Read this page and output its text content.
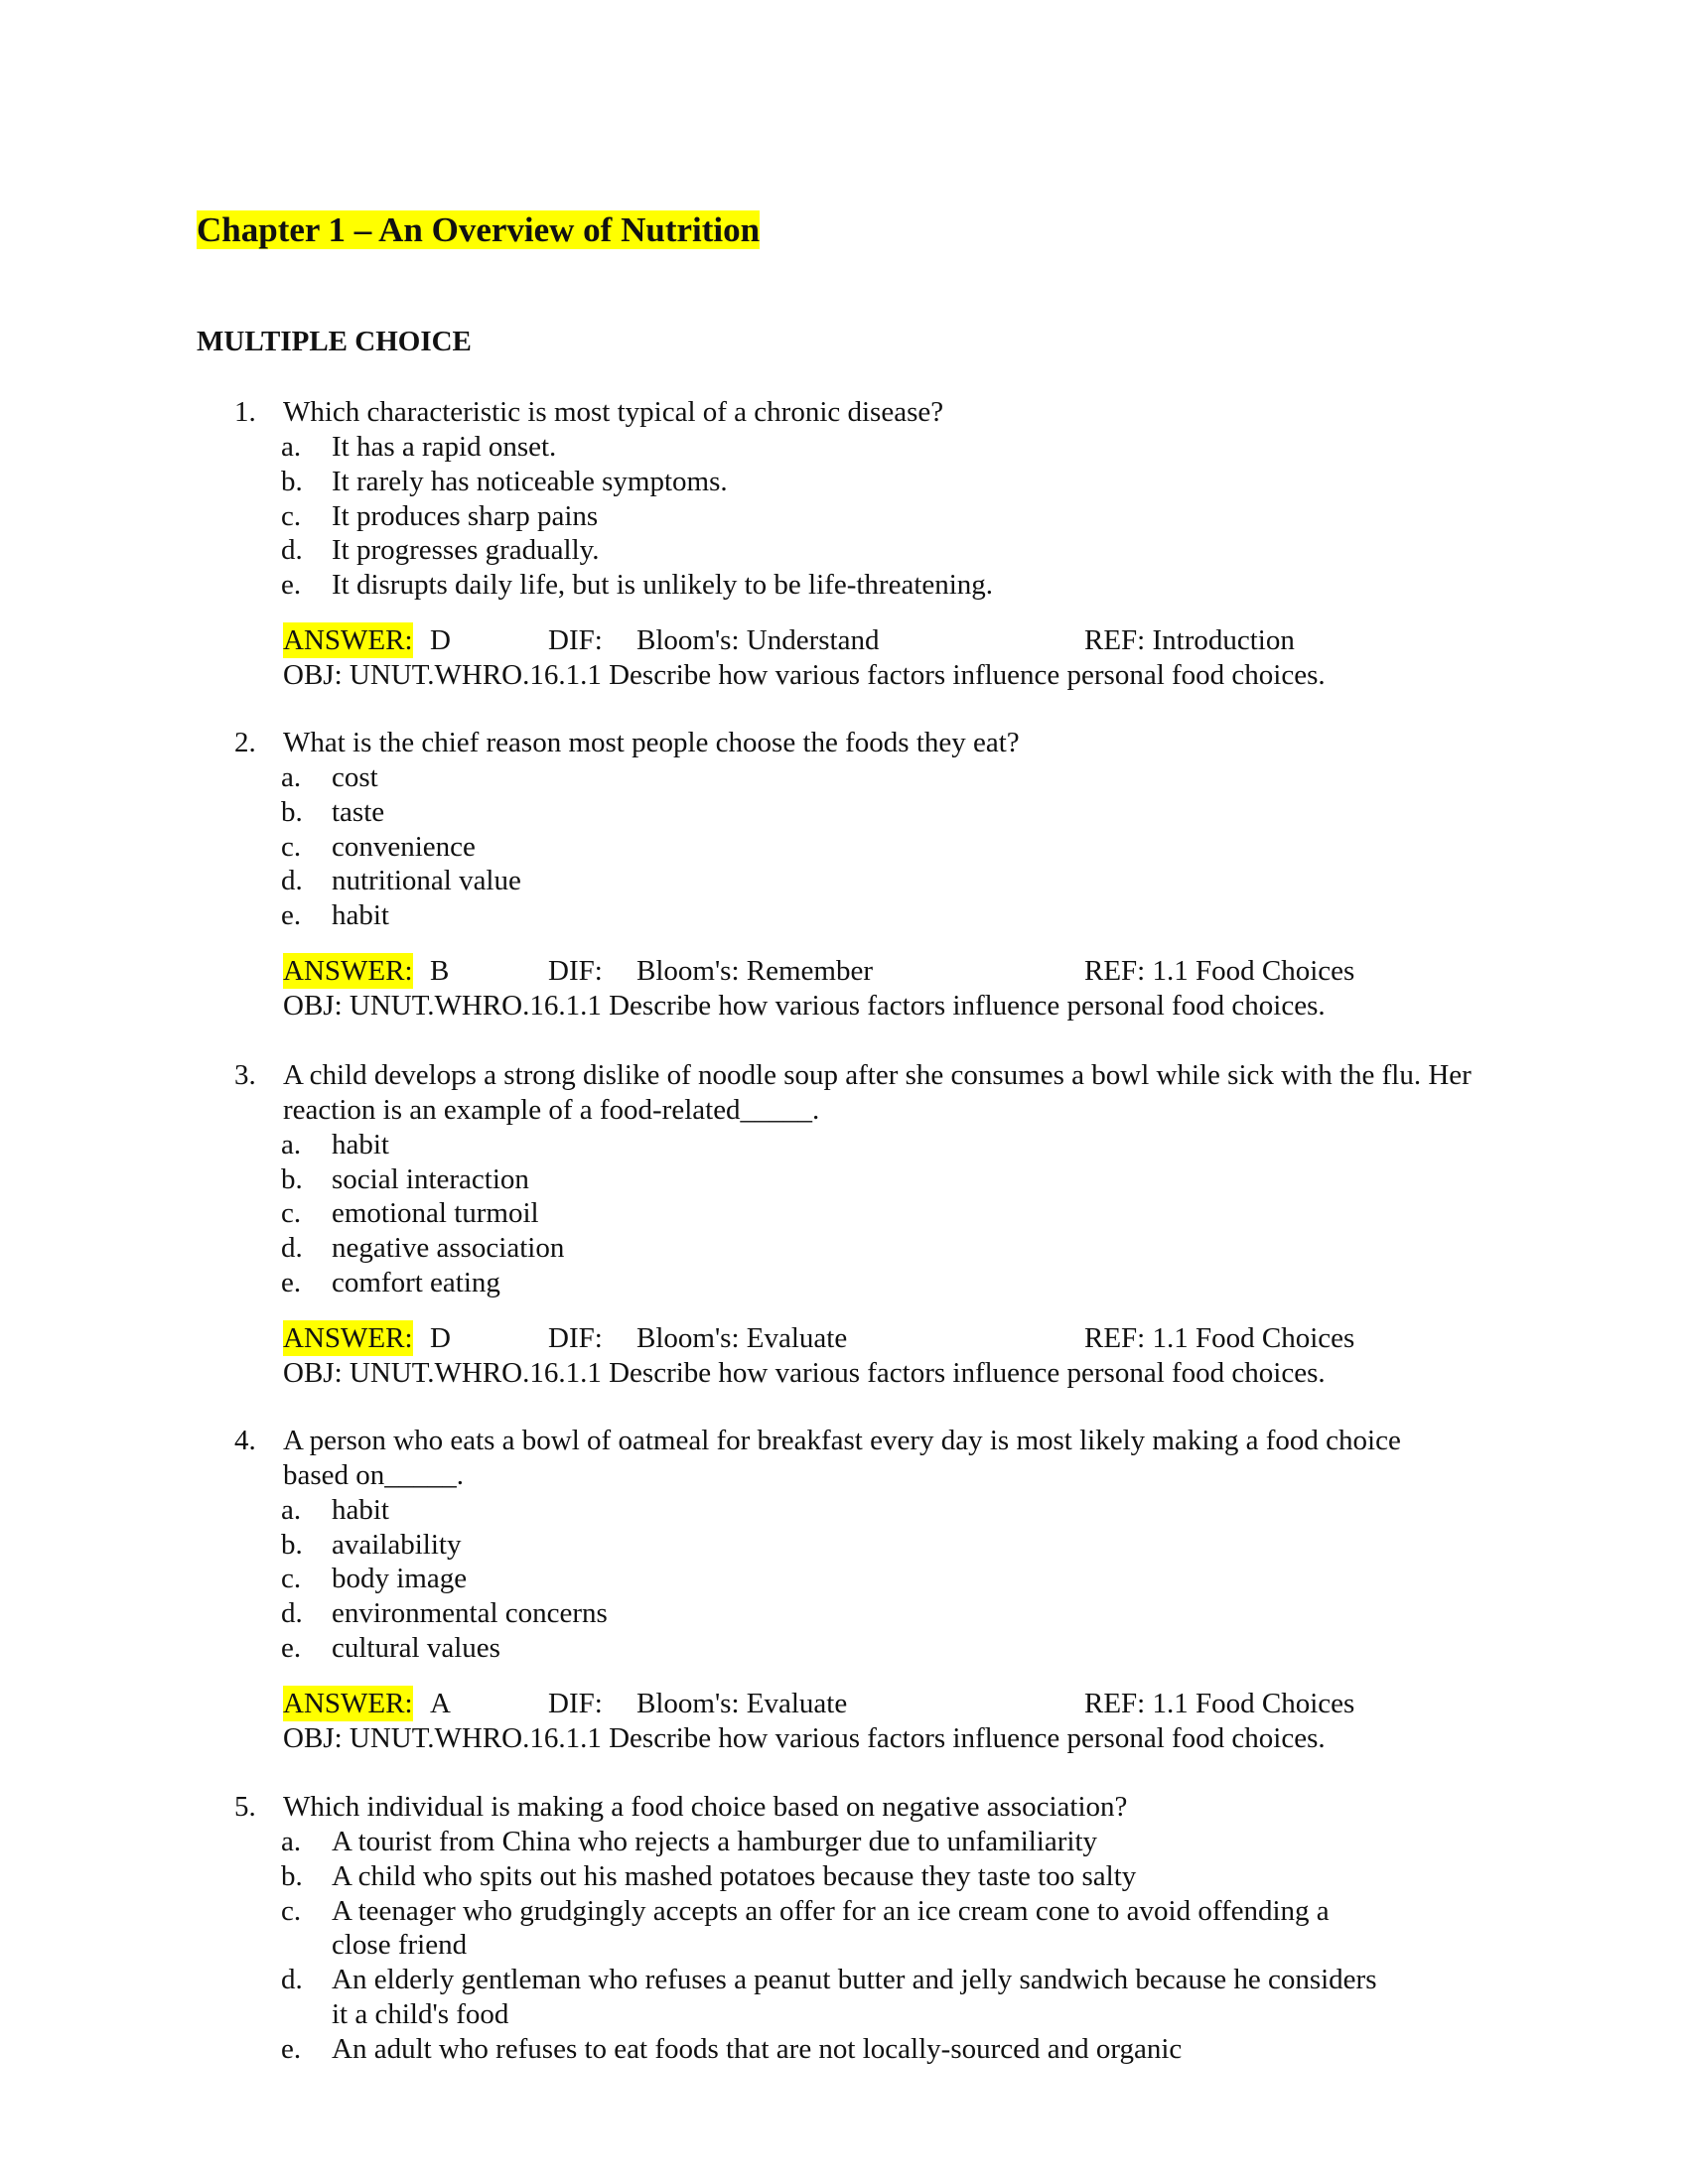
Chapter 1 – An Overview of Nutrition
MULTIPLE CHOICE
1. Which characteristic is most typical of a chronic disease?
a. It has a rapid onset.
b. It rarely has noticeable symptoms.
c. It produces sharp pains
d. It progresses gradually.
e. It disrupts daily life, but is unlikely to be life-threatening.
ANSWER: D	DIF: Bloom's: Understand	REF: Introduction
OBJ: UNUT.WHRO.16.1.1 Describe how various factors influence personal food choices.
2. What is the chief reason most people choose the foods they eat?
a. cost
b. taste
c. convenience
d. nutritional value
e. habit
ANSWER: B	DIF: Bloom's: Remember	REF: 1.1 Food Choices
OBJ: UNUT.WHRO.16.1.1 Describe how various factors influence personal food choices.
3. A child develops a strong dislike of noodle soup after she consumes a bowl while sick with the flu. Her
reaction is an example of a food-related_____.
a. habit
b. social interaction
c. emotional turmoil
d. negative association
e. comfort eating
ANSWER: D	DIF: Bloom's: Evaluate	REF: 1.1 Food Choices
OBJ: UNUT.WHRO.16.1.1 Describe how various factors influence personal food choices.
4. A person who eats a bowl of oatmeal for breakfast every day is most likely making a food choice
based on_____.
a. habit
b. availability
c. body image
d. environmental concerns
e. cultural values
ANSWER: A	DIF: Bloom's: Evaluate	REF: 1.1 Food Choices
OBJ: UNUT.WHRO.16.1.1 Describe how various factors influence personal food choices.
5. Which individual is making a food choice based on negative association?
a. A tourist from China who rejects a hamburger due to unfamiliarity
b. A child who spits out his mashed potatoes because they taste too salty
c. A teenager who grudgingly accepts an offer for an ice cream cone to avoid offending a
close friend
d. An elderly gentleman who refuses a peanut butter and jelly sandwich because he considers
it a child's food
e. An adult who refuses to eat foods that are not locally-sourced and organic
